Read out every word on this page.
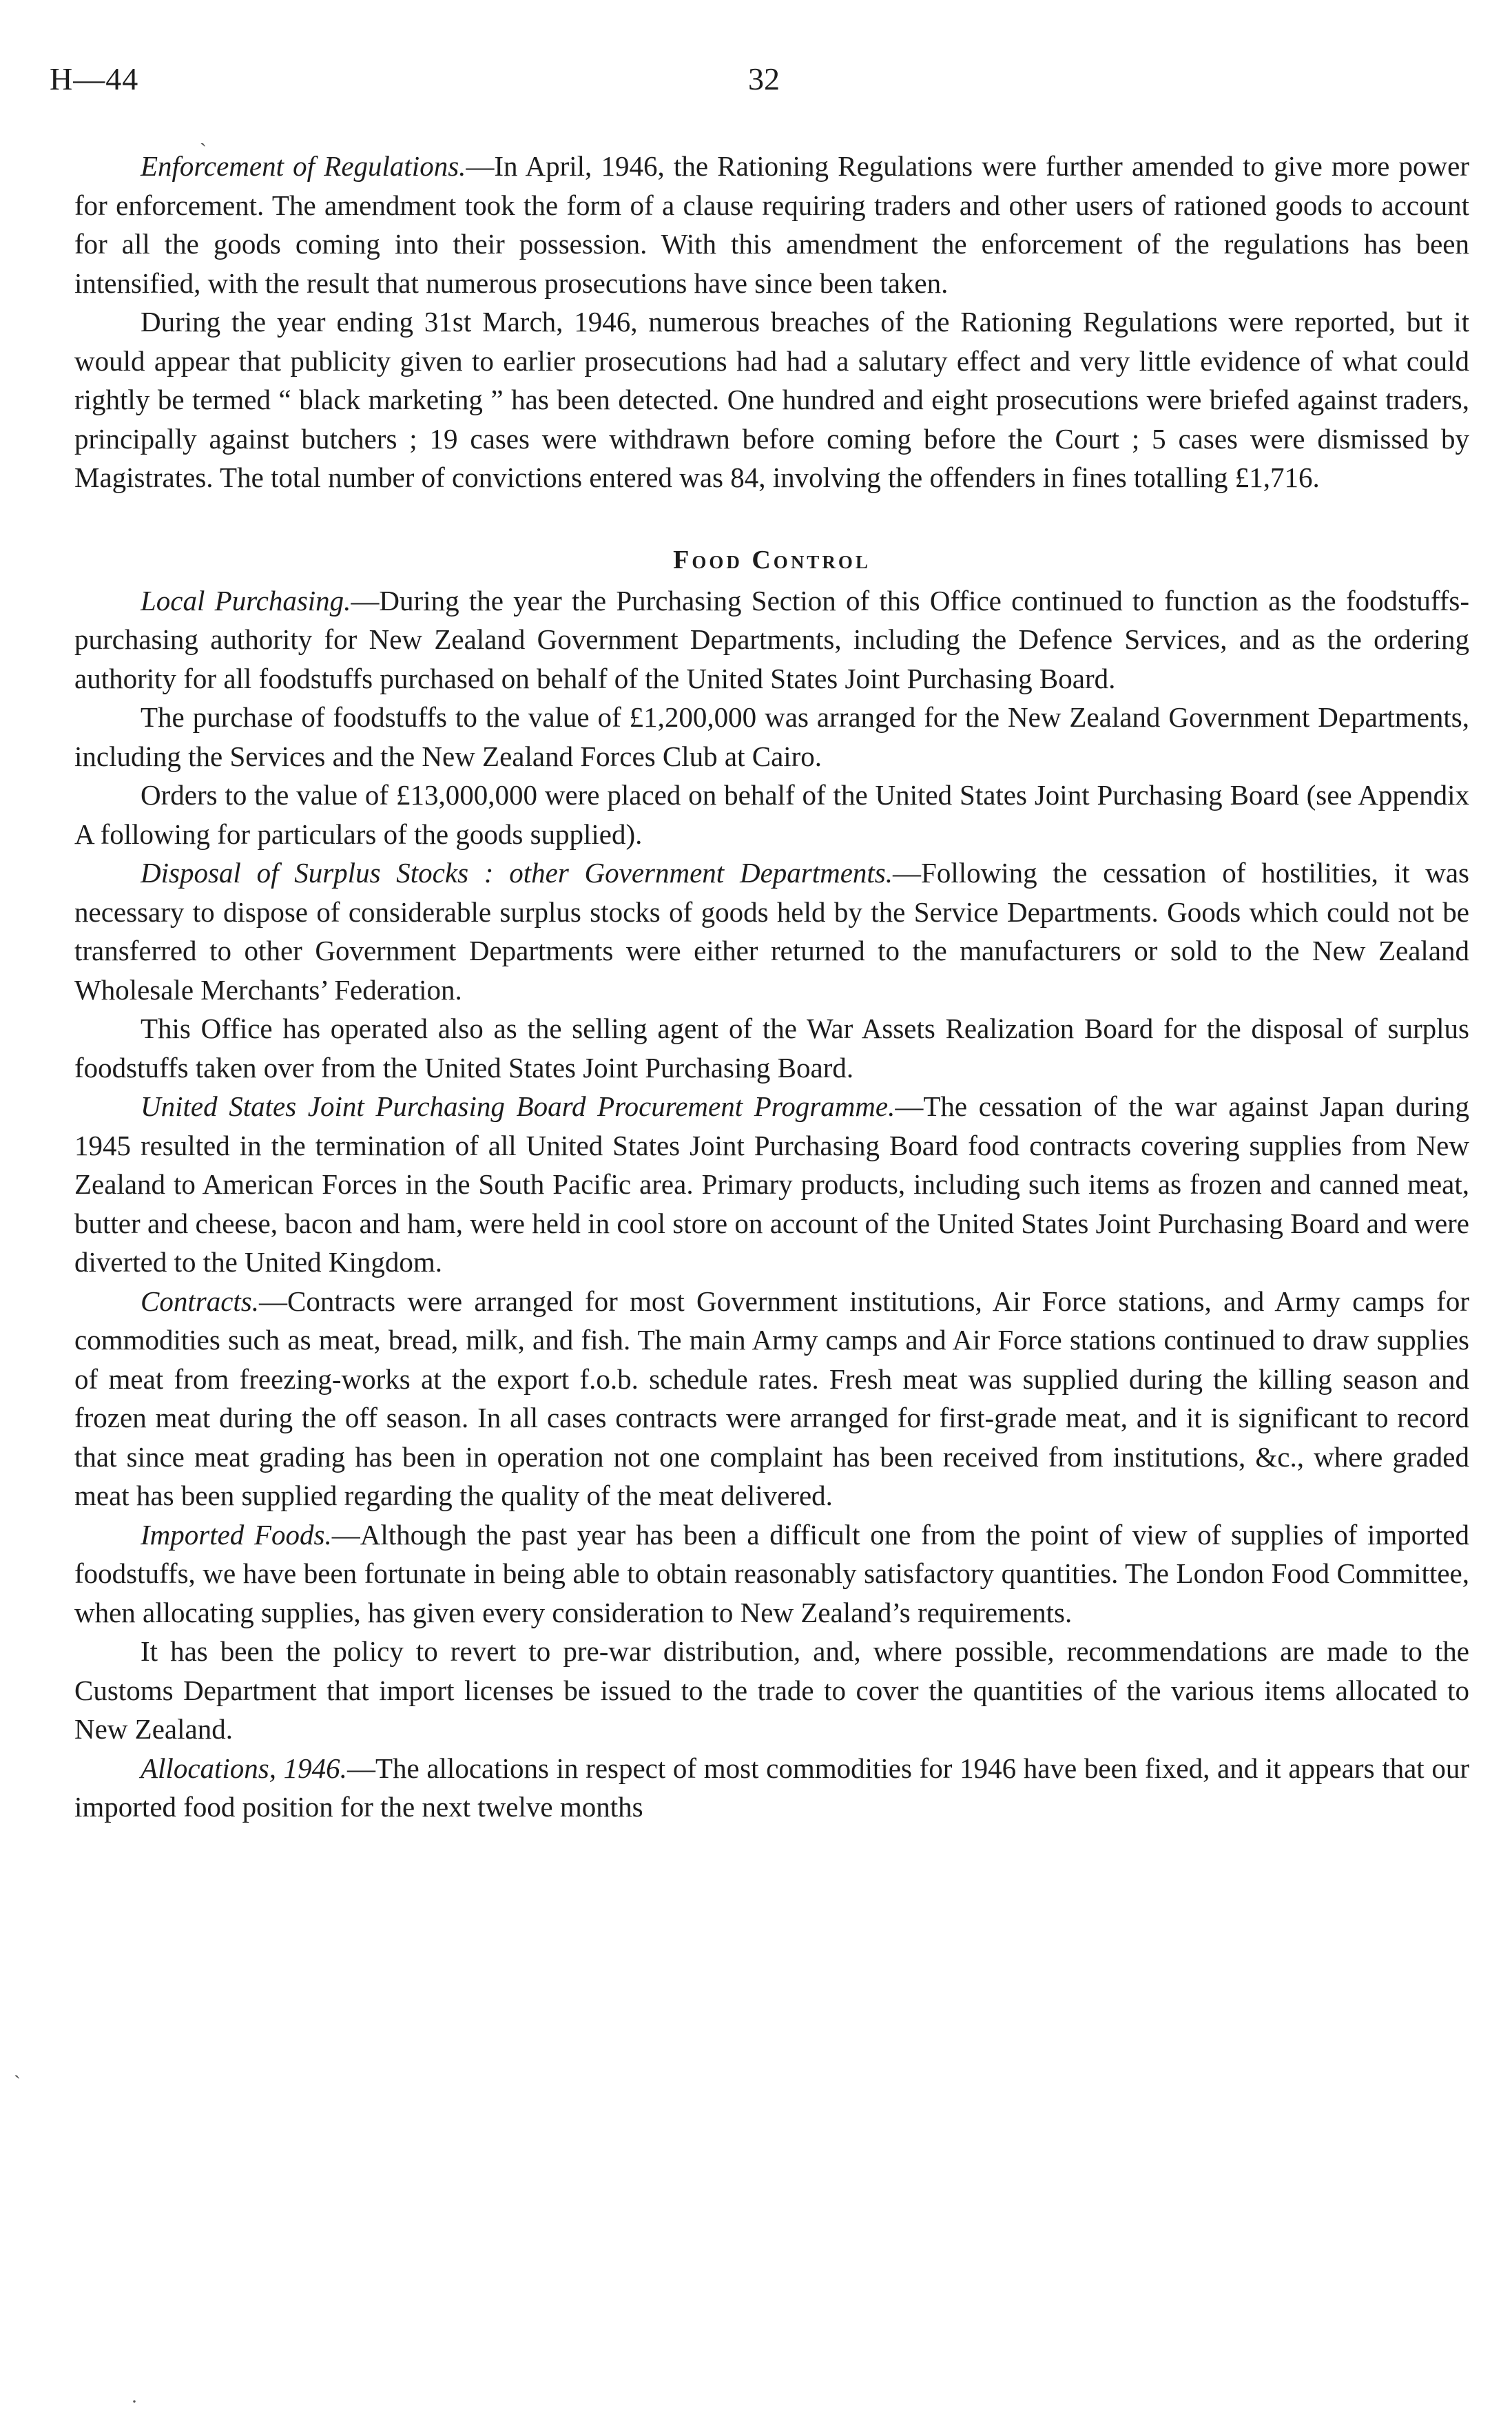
H—44	32
ˏ
ˏ
·

Enforcement of Regulations.—In April, 1946, the Rationing Regulations were further amended to give more power for enforcement. The amendment took the form of a clause requiring traders and other users of rationed goods to account for all the goods coming into their possession. With this amendment the enforcement of the regulations has been intensified, with the result that numerous prosecutions have since been taken.

During the year ending 31st March, 1946, numerous breaches of the Rationing Regulations were reported, but it would appear that publicity given to earlier prosecutions had had a salutary effect and very little evidence of what could rightly be termed “ black marketing ” has been detected. One hundred and eight prosecutions were briefed against traders, principally against butchers ; 19 cases were withdrawn before coming before the Court ; 5 cases were dismissed by Magistrates. The total number of convictions entered was 84, involving the offenders in fines totalling £1,716.

Food Control

Local Purchasing.—During the year the Purchasing Section of this Office continued to function as the foodstuffs-purchasing authority for New Zealand Government Departments, including the Defence Services, and as the ordering authority for all foodstuffs purchased on behalf of the United States Joint Purchasing Board.

The purchase of foodstuffs to the value of £1,200,000 was arranged for the New Zealand Government Departments, including the Services and the New Zealand Forces Club at Cairo.

Orders to the value of £13,000,000 were placed on behalf of the United States Joint Purchasing Board (see Appendix A following for particulars of the goods supplied).

Disposal of Surplus Stocks : other Government Departments.—Following the cessation of hostilities, it was necessary to dispose of considerable surplus stocks of goods held by the Service Departments. Goods which could not be transferred to other Government Departments were either returned to the manufacturers or sold to the New Zealand Wholesale Merchants’ Federation.

This Office has operated also as the selling agent of the War Assets Realization Board for the disposal of surplus foodstuffs taken over from the United States Joint Purchasing Board.

United States Joint Purchasing Board Procurement Programme.—The cessation of the war against Japan during 1945 resulted in the termination of all United States Joint Purchasing Board food contracts covering supplies from New Zealand to American Forces in the South Pacific area. Primary products, including such items as frozen and canned meat, butter and cheese, bacon and ham, were held in cool store on account of the United States Joint Purchasing Board and were diverted to the United Kingdom.

Contracts.—Contracts were arranged for most Government institutions, Air Force stations, and Army camps for commodities such as meat, bread, milk, and fish. The main Army camps and Air Force stations continued to draw supplies of meat from freezing-works at the export f.o.b. schedule rates. Fresh meat was supplied during the killing season and frozen meat during the off season. In all cases contracts were arranged for first-grade meat, and it is significant to record that since meat grading has been in operation not one complaint has been received from institutions, &c., where graded meat has been supplied regarding the quality of the meat delivered.

Imported Foods.—Although the past year has been a difficult one from the point of view of supplies of imported foodstuffs, we have been fortunate in being able to obtain reasonably satisfactory quantities. The London Food Committee, when allocating supplies, has given every consideration to New Zealand’s requirements.

It has been the policy to revert to pre-war distribution, and, where possible, recommendations are made to the Customs Department that import licenses be issued to the trade to cover the quantities of the various items allocated to New Zealand.

Allocations, 1946.—The allocations in respect of most commodities for 1946 have been fixed, and it appears that our imported food position for the next twelve months
